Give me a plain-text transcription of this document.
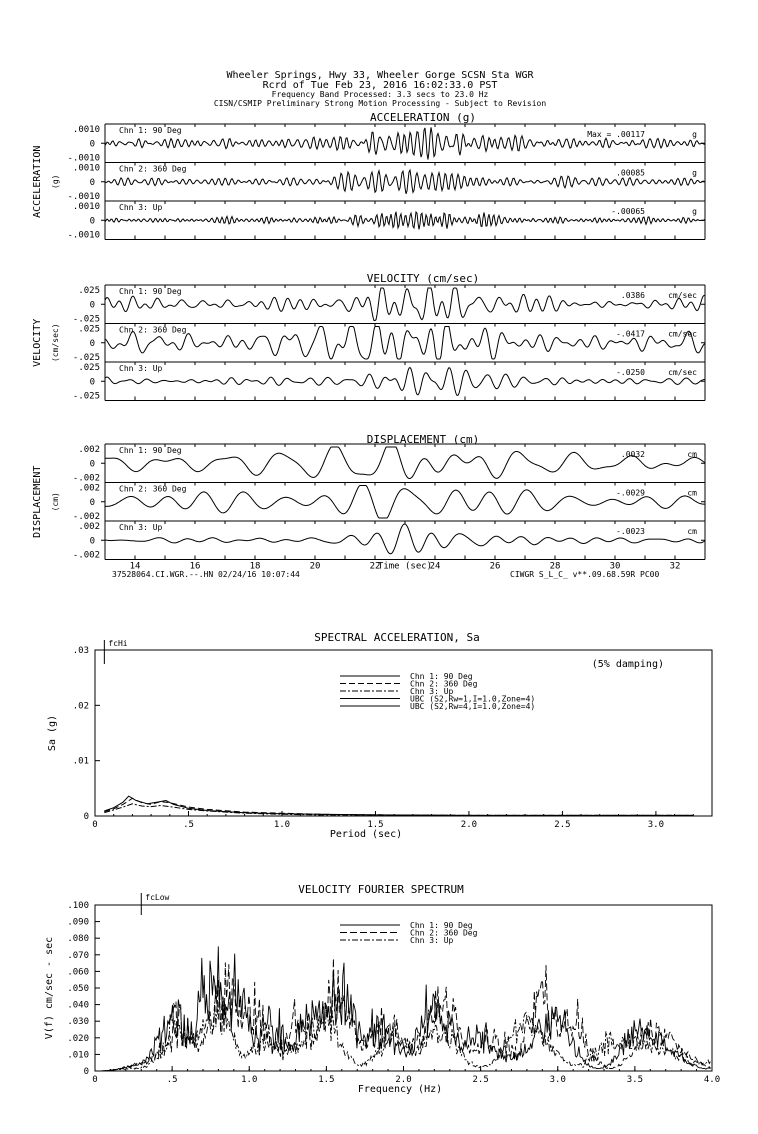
Wheeler Springs, Hwy 33, Wheeler Gorge SCSN Sta WGR
Rcrd of Tue Feb 23, 2016 16:02:33.0 PST
Frequency Band Processed: 3.3 secs to 23.0 Hz
CISN/CSMIP Preliminary Strong Motion Processing - Subject to Revision
ACCELERATION (g)
ACCELERATION (g)
.0010
0
-.0010
Chn 1: 90 Deg	Max = .00117	g
.0010
0
-.0010
Chn 2: 360 Deg	.00085	g
.0010
0
-.0010
Chn 3: Up	-.00065	g
VELOCITY (cm/sec)
VELOCITY (cm/sec)
.025
0
-.025
Chn 1: 90 Deg	.0386	cm/sec
.025
0
-.025
Chn 2: 360 Deg	-.0417	cm/sec
.025
0
-.025
Chn 3: Up	-.0250	cm/sec
DISPLACEMENT (cm)
DISPLACEMENT (cm)
.002
0
-.002
Chn 1: 90 Deg	.0032	cm
.002
0
-.002
Chn 2: 360 Deg	-.0029	cm
.002
0
-.002
Chn 3: Up	-.0023	cm
14	16	18	20	22	24	26	28	30	32
Time (sec)
37528064.CI.WGR.--.HN 02/24/16 10:07:44	CIWGR S_L_C_ v**.09.68.59R PC00
SPECTRAL ACCELERATION, Sa
0
.01
.02
.03
0	.5	1.0	1.5	2.0	2.5	3.0
Period (sec)
Sa (g)
(5% damping)
fcHi
Chn 1: 90 Deg
Chn 2: 360 Deg
Chn 3: Up
UBC (S2,Rw=1,I=1.0,Zone=4)
UBC (S2,Rw=4,I=1.0,Zone=4)
VELOCITY FOURIER SPECTRUM
0
.010
.020
.030
.040
.050
.060
.070
.080
.090
.100
0	.5	1.0	1.5	2.0	2.5	3.0	3.5	4.0
Frequency (Hz)
V(f) cm/sec - sec
fcLow
Chn 1: 90 Deg
Chn 2: 360 Deg
Chn 3: Up
